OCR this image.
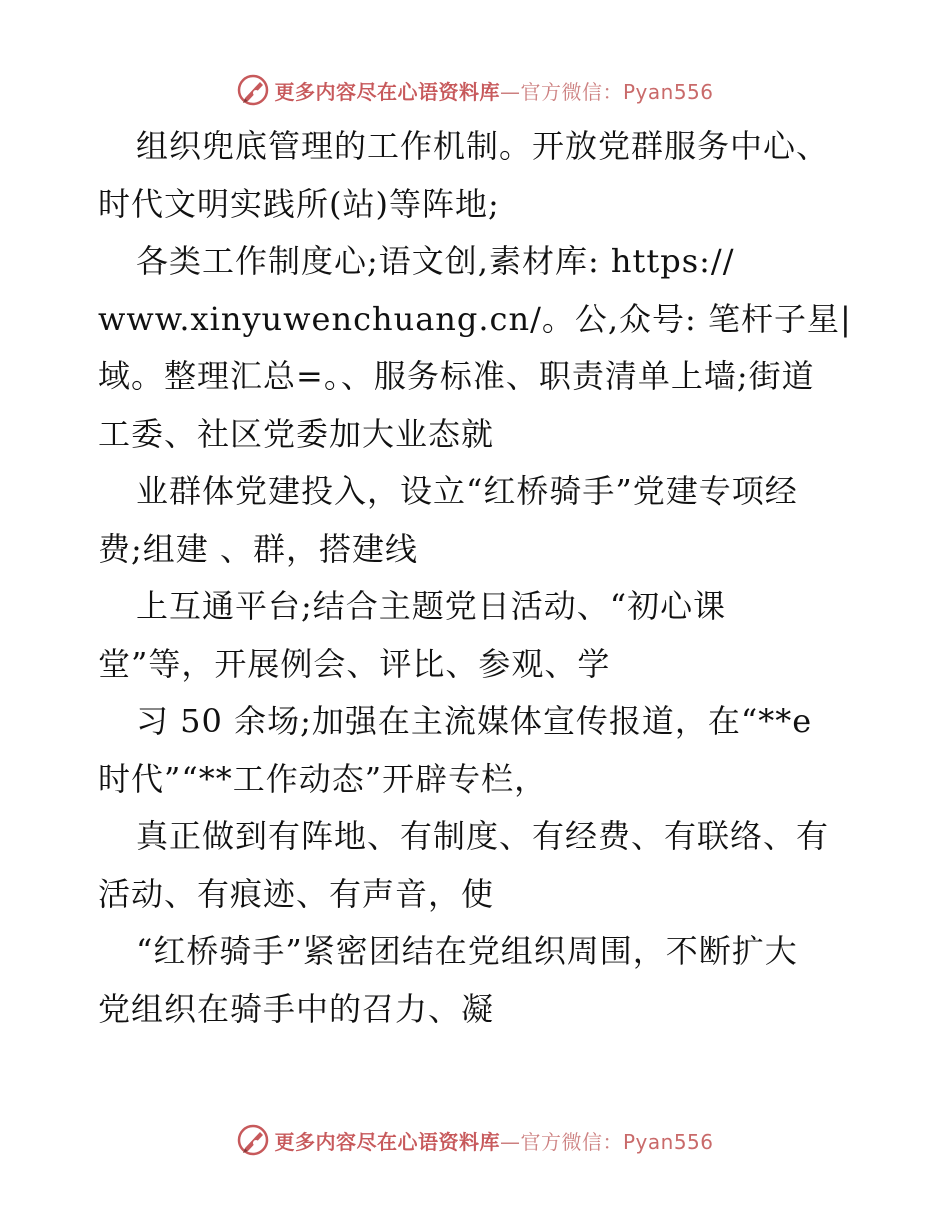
更多内容尽在心语资料库—官方微信：Pyan556
组织兜底管理的工作机制。开放党群服务中心、
时代文明实践所(站)等阵地;
各类工作制度心;语文创,素材库: https://
www.xinyuwenchuang.cn/。公,众号: 笔杆子星|
域。整理汇总=。、服务标准、职责清单上墙;街道
工委、社区党委加大业态就
业群体党建投入，设立“红桥骑手”党建专项经
费;组建 、群，搭建线
上互通平台;结合主题党日活动、“初心课
堂”等，开展例会、评比、参观、学
习 50 余场;加强在主流媒体宣传报道，在“**e
时代”“**工作动态”开辟专栏，
真正做到有阵地、有制度、有经费、有联络、有
活动、有痕迹、有声音，使
“红桥骑手”紧密团结在党组织周围，不断扩大
党组织在骑手中的召力、凝
更多内容尽在心语资料库—官方微信：Pyan556
